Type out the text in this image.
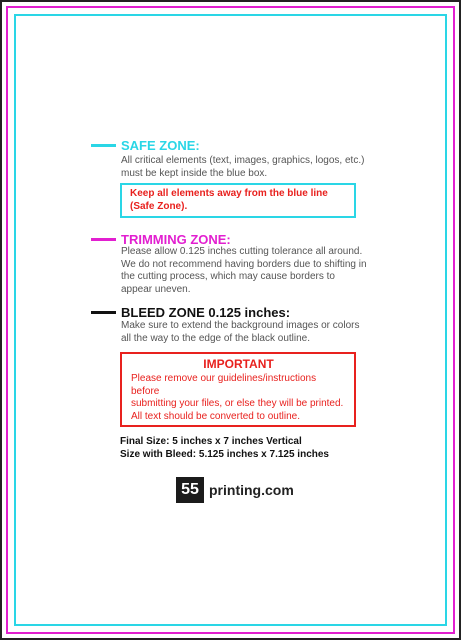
SAFE ZONE:
All critical elements (text, images, graphics, logos, etc.)
must be kept inside the blue box.
Keep all elements away from the blue line
(Safe Zone).
TRIMMING ZONE:
Please allow 0.125 inches cutting tolerance all around.
We do not recommend having borders due to shifting in
the cutting process, which may cause borders to
appear uneven.
BLEED ZONE 0.125 inches:
Make sure to extend the background images or colors
all the way to the edge of the black outline.
IMPORTANT
Please remove our guidelines/instructions before
submitting your files, or else they will be printed.
All text should be converted to outline.
Final Size: 5 inches x 7 inches Vertical
Size with Bleed: 5.125 inches x 7.125 inches
55 printing.com
